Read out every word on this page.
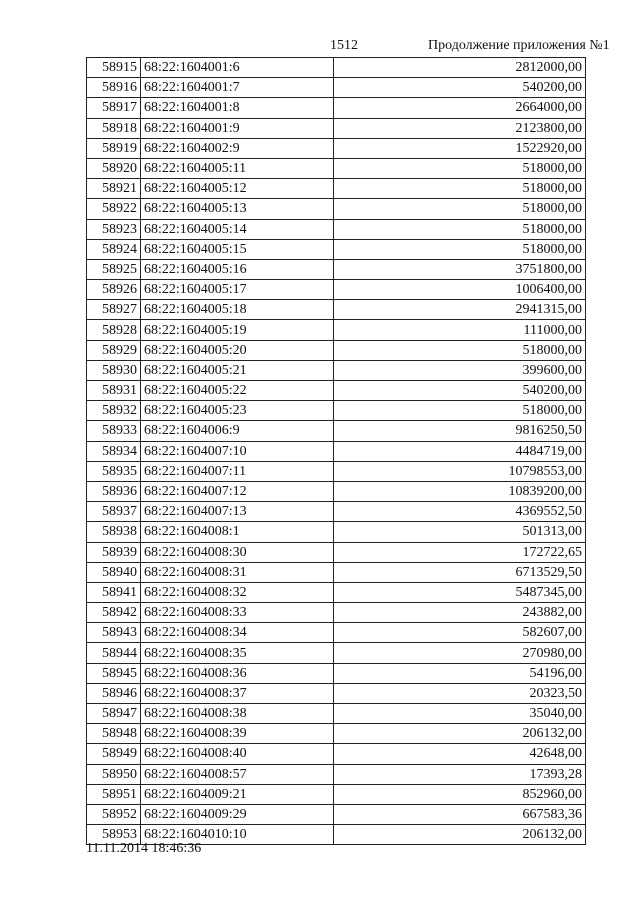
1512	Продолжение приложения №1
58915	68:22:1604001:6	2812000,00
58916	68:22:1604001:7	540200,00
58917	68:22:1604001:8	2664000,00
58918	68:22:1604001:9	2123800,00
58919	68:22:1604002:9	1522920,00
58920	68:22:1604005:11	518000,00
58921	68:22:1604005:12	518000,00
58922	68:22:1604005:13	518000,00
58923	68:22:1604005:14	518000,00
58924	68:22:1604005:15	518000,00
58925	68:22:1604005:16	3751800,00
58926	68:22:1604005:17	1006400,00
58927	68:22:1604005:18	2941315,00
58928	68:22:1604005:19	111000,00
58929	68:22:1604005:20	518000,00
58930	68:22:1604005:21	399600,00
58931	68:22:1604005:22	540200,00
58932	68:22:1604005:23	518000,00
58933	68:22:1604006:9	9816250,50
58934	68:22:1604007:10	4484719,00
58935	68:22:1604007:11	10798553,00
58936	68:22:1604007:12	10839200,00
58937	68:22:1604007:13	4369552,50
58938	68:22:1604008:1	501313,00
58939	68:22:1604008:30	172722,65
58940	68:22:1604008:31	6713529,50
58941	68:22:1604008:32	5487345,00
58942	68:22:1604008:33	243882,00
58943	68:22:1604008:34	582607,00
58944	68:22:1604008:35	270980,00
58945	68:22:1604008:36	54196,00
58946	68:22:1604008:37	20323,50
58947	68:22:1604008:38	35040,00
58948	68:22:1604008:39	206132,00
58949	68:22:1604008:40	42648,00
58950	68:22:1604008:57	17393,28
58951	68:22:1604009:21	852960,00
58952	68:22:1604009:29	667583,36
58953	68:22:1604010:10	206132,00
11.11.2014 18:46:36
